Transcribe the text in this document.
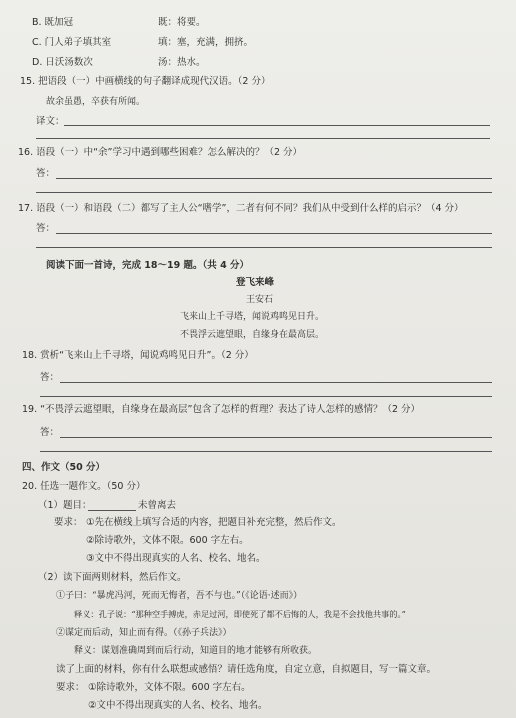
B. 既加冠	既：将要。
C. 门人弟子填其室	填：塞，充满，拥挤。
D. 日沃汤数次	汤：热水。
15. 把语段（一）中画横线的句子翻译成现代汉语。（2 分）
故余虽愚，卒获有所闻。
译文：
16. 语段（一）中“余”学习中遇到哪些困难？怎么解决的？（2 分）
答：
17. 语段（一）和语段（二）都写了主人公“嗜学”，二者有何不同？我们从中受到什么样的启示？（4 分）
答：
阅读下面一首诗，完成 18～19 题。（共 4 分）
登飞来峰
王安石
飞来山上千寻塔，闻说鸡鸣见日升。
不畏浮云遮望眼，自缘身在最高层。
18. 赏析“飞来山上千寻塔，闻说鸡鸣见日升”。（2 分）
答：
19. “不畏浮云遮望眼，自缘身在最高层”包含了怎样的哲理？表达了诗人怎样的感情？（2 分）
答：
四、作文（50 分）
20. 任选一题作文。（50 分）
（1）题目：	未曾离去
要求： ①先在横线上填写合适的内容，把题目补充完整，然后作文。
②除诗歌外，文体不限。600 字左右。
③文中不得出现真实的人名、校名、地名。
（2）读下面两则材料，然后作文。
①子曰：“暴虎冯河，死而无悔者，吾不与也。”（《论语·述而》）
释义：孔子说：“那种空手搏虎，赤足过河，即使死了都不后悔的人，我是不会找他共事的。”
②谋定而后动，知止而有得。（《孙子兵法》）
释义：谋划准确周到而后行动，知道目的地才能够有所收获。
读了上面的材料，你有什么联想或感悟？请任选角度，自定立意，自拟题目，写一篇文章。
要求： ①除诗歌外，文体不限。600 字左右。
②文中不得出现真实的人名、校名、地名。
